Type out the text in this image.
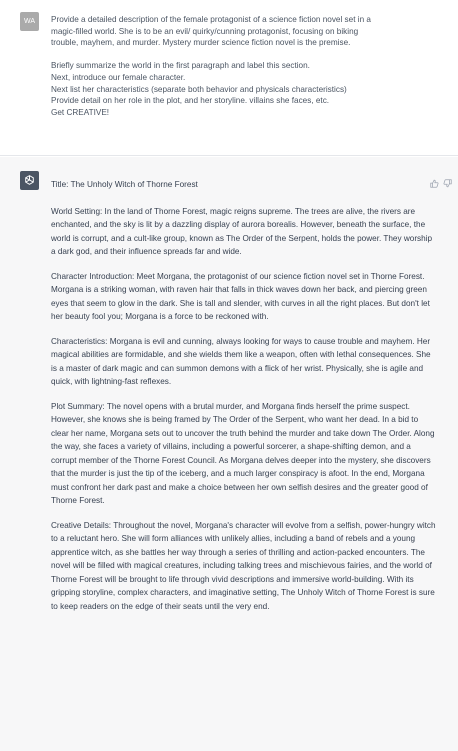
WA Provide a detailed description of the female protagonist of a science fiction novel set in a

magic-filled world. She is to be an evil/ quirky/cunning protagonist, focusing on biking

trouble, mayhem, and murder. Mystery murder science fiction novel is the premise.

Briefly summarize the world in the first paragraph and label this section.

Next, introduce our female character.

Next list her characteristics (separate both behavior and physicals characteristics)

Provide detail on her role in the plot, and her storyline. villains she faces, etc.

Get CREATIVE!

Title: The Unholy Witch of Thorne Forest

World Setting: In the land of Thorne Forest, magic reigns supreme. The trees are alive, the rivers are enchanted, and the sky is lit by a dazzling display of aurora borealis. However, beneath the surface, the world is corrupt, and a cult-like group, known as The Order of the Serpent, holds the power. They worship a dark god, and their influence spreads far and wide.

Character Introduction: Meet Morgana, the protagonist of our science fiction novel set in Thorne Forest. Morgana is a striking woman, with raven hair that falls in thick waves down her back, and piercing green eyes that seem to glow in the dark. She is tall and slender, with curves in all the right places. But don't let her beauty fool you; Morgana is a force to be reckoned with.

Characteristics: Morgana is evil and cunning, always looking for ways to cause trouble and mayhem. Her magical abilities are formidable, and she wields them like a weapon, often with lethal consequences. She is a master of dark magic and can summon demons with a flick of her wrist. Physically, she is agile and quick, with lightning-fast reflexes.

Plot Summary: The novel opens with a brutal murder, and Morgana finds herself the prime suspect. However, she knows she is being framed by The Order of the Serpent, who want her dead. In a bid to clear her name, Morgana sets out to uncover the truth behind the murder and take down The Order. Along the way, she faces a variety of villains, including a powerful sorcerer, a shape-shifting demon, and a corrupt member of the Thorne Forest Council. As Morgana delves deeper into the mystery, she discovers that the murder is just the tip of the iceberg, and a much larger conspiracy is afoot. In the end, Morgana must confront her dark past and make a choice between her own selfish desires and the greater good of Thorne Forest.

Creative Details: Throughout the novel, Morgana's character will evolve from a selfish, power-hungry witch to a reluctant hero. She will form alliances with unlikely allies, including a band of rebels and a young apprentice witch, as she battles her way through a series of thrilling and action-packed encounters. The novel will be filled with magical creatures, including talking trees and mischievous fairies, and the world of Thorne Forest will be brought to life through vivid descriptions and immersive world-building. With its gripping storyline, complex characters, and imaginative setting, The Unholy Witch of Thorne Forest is sure to keep readers on the edge of their seats until the very end.
